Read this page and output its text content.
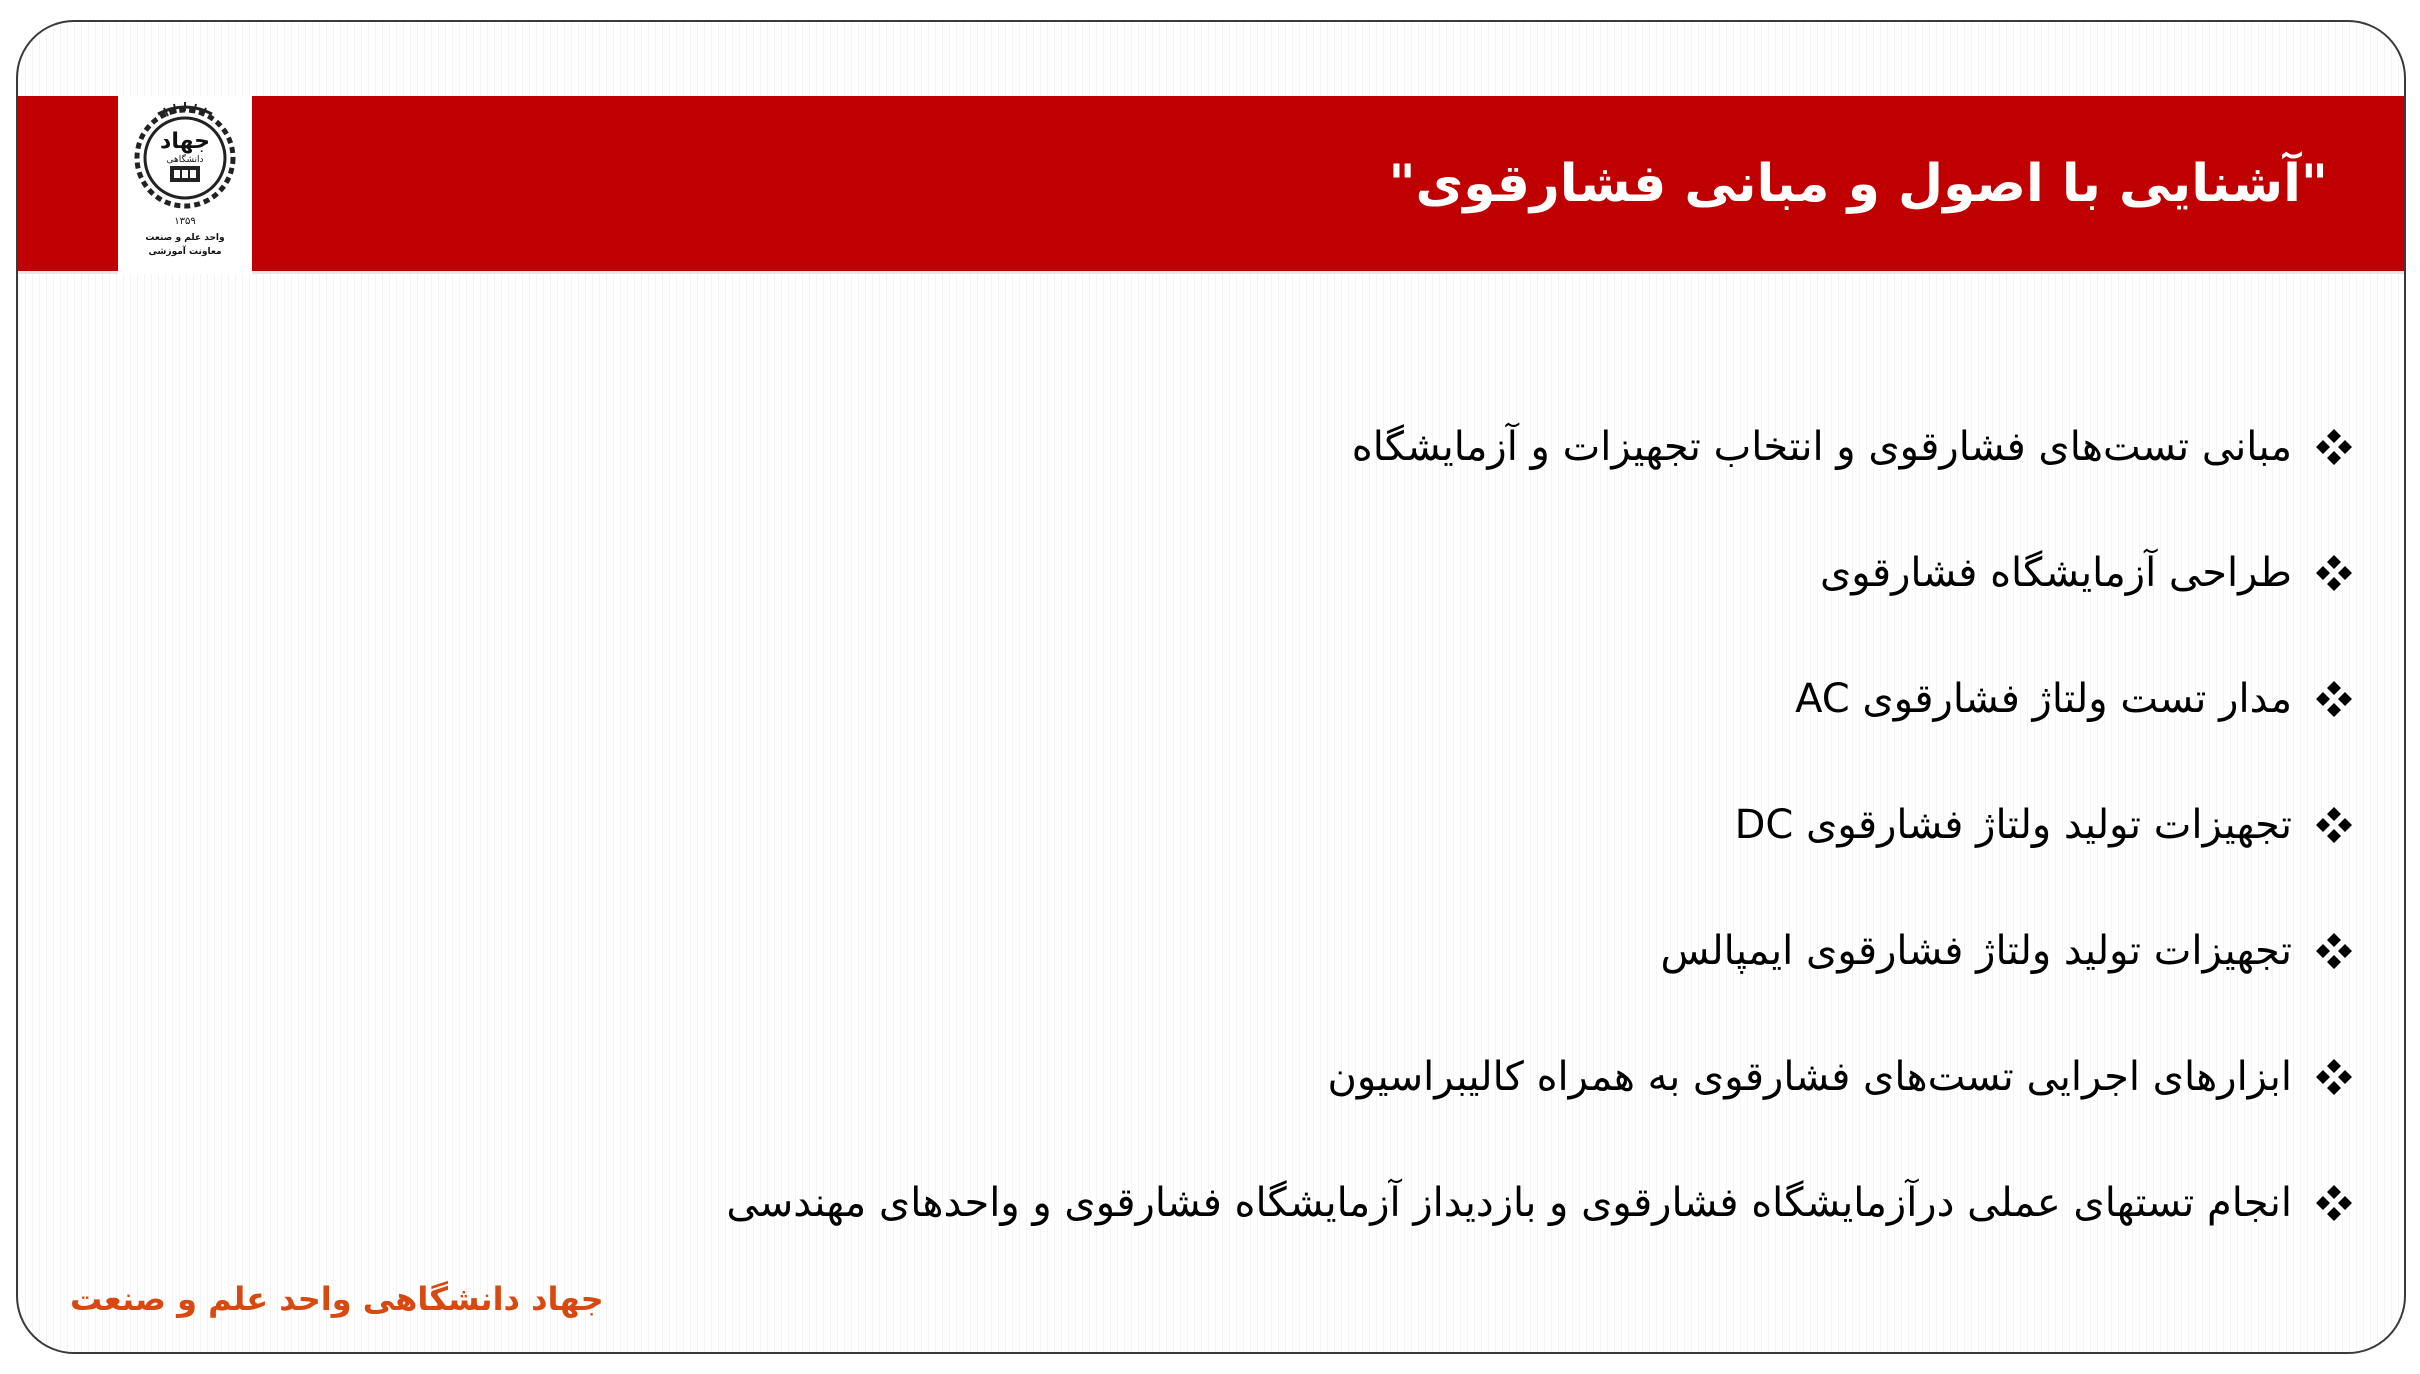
جهاد
دانشگاهی
۱۳۵۹
واحد علم و صنعت
معاونت آموزشی
"آشنایی با اصول و مبانی فشارقوی"
مبانی تست‌های فشارقوی و انتخاب تجهیزات و آزمایشگاه
طراحی آزمایشگاه فشارقوی
مدار تست ولتاژ فشارقوی AC
تجهیزات تولید ولتاژ فشارقوی DC
تجهیزات تولید ولتاژ فشارقوی ایمپالس
ابزارهای اجرایی تست‌های فشارقوی به همراه کالیبراسیون
انجام تستهای عملی درآزمایشگاه فشارقوی و بازدیداز آزمایشگاه فشارقوی و واحدهای مهندسی
جهاد دانشگاهی واحد علم و صنعت
